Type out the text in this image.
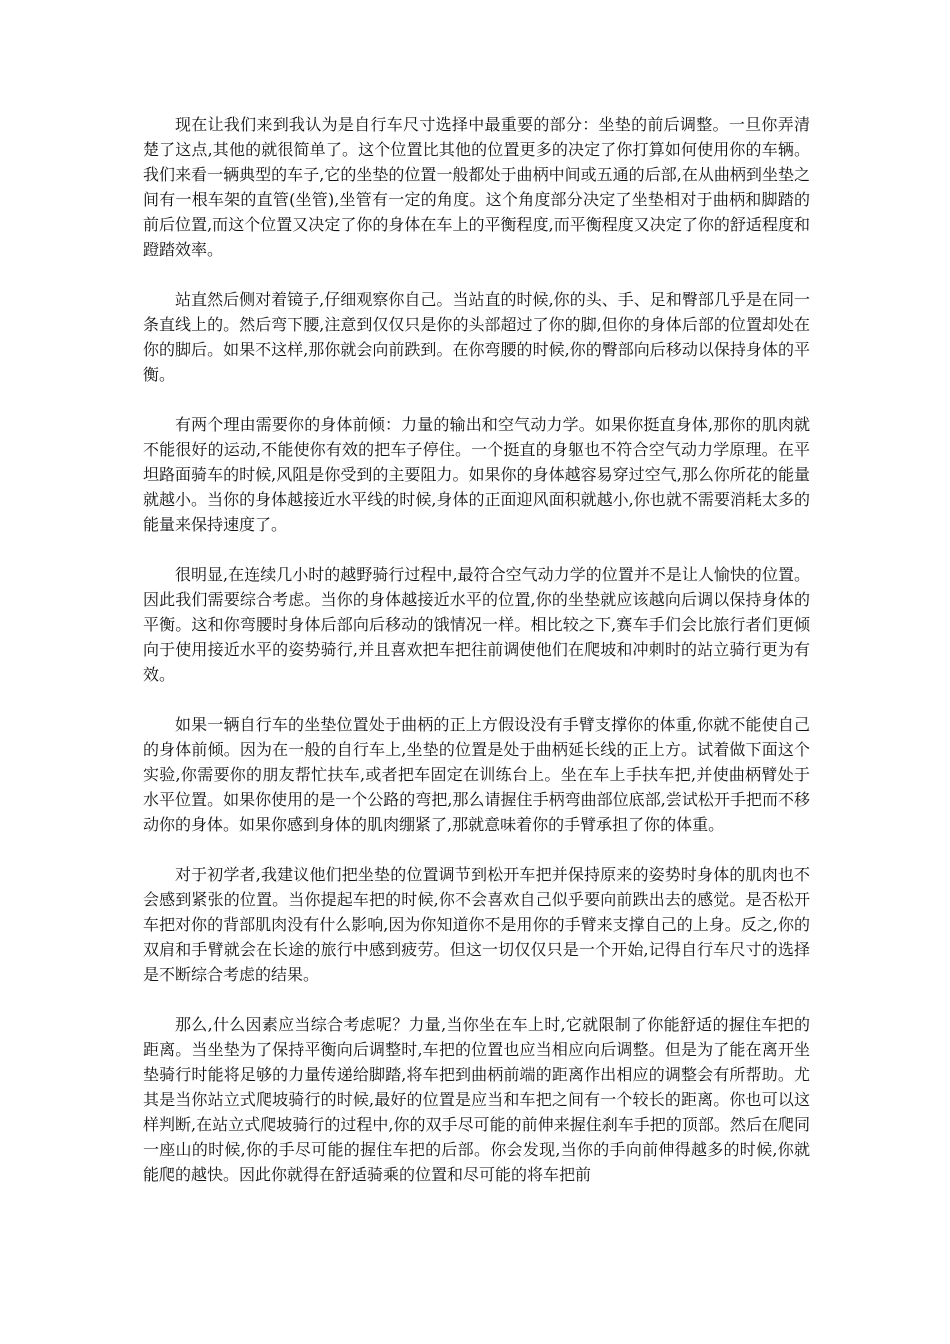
现在让我们来到我认为是自行车尺寸选择中最重要的部分：坐垫的前后调整。一旦你弄清楚了这点,其他的就很简单了。这个位置比其他的位置更多的决定了你打算如何使用你的车辆。我们来看一辆典型的车子,它的坐垫的位置一般都处于曲柄中间或五通的后部,在从曲柄到坐垫之间有一根车架的直管(坐管),坐管有一定的角度。这个角度部分决定了坐垫相对于曲柄和脚踏的前后位置,而这个位置又决定了你的身体在车上的平衡程度,而平衡程度又决定了你的舒适程度和蹬踏效率。

站直然后侧对着镜子,仔细观察你自己。当站直的时候,你的头、手、足和臀部几乎是在同一条直线上的。然后弯下腰,注意到仅仅只是你的头部超过了你的脚,但你的身体后部的位置却处在你的脚后。如果不这样,那你就会向前跌到。在你弯腰的时候,你的臀部向后移动以保持身体的平衡。

有两个理由需要你的身体前倾：力量的输出和空气动力学。如果你挺直身体,那你的肌肉就不能很好的运动,不能使你有效的把车子停住。一个挺直的身躯也不符合空气动力学原理。在平坦路面骑车的时候,风阻是你受到的主要阻力。如果你的身体越容易穿过空气,那么你所花的能量就越小。当你的身体越接近水平线的时候,身体的正面迎风面积就越小,你也就不需要消耗太多的能量来保持速度了。

很明显,在连续几小时的越野骑行过程中,最符合空气动力学的位置并不是让人愉快的位置。因此我们需要综合考虑。当你的身体越接近水平的位置,你的坐垫就应该越向后调以保持身体的平衡。这和你弯腰时身体后部向后移动的饿情况一样。相比较之下,赛车手们会比旅行者们更倾向于使用接近水平的姿势骑行,并且喜欢把车把往前调使他们在爬坡和冲刺时的站立骑行更为有效。

如果一辆自行车的坐垫位置处于曲柄的正上方假设没有手臂支撑你的体重,你就不能使自己的身体前倾。因为在一般的自行车上,坐垫的位置是处于曲柄延长线的正上方。试着做下面这个实验,你需要你的朋友帮忙扶车,或者把车固定在训练台上。坐在车上手扶车把,并使曲柄臂处于水平位置。如果你使用的是一个公路的弯把,那么请握住手柄弯曲部位底部,尝试松开手把而不移动你的身体。如果你感到身体的肌肉绷紧了,那就意味着你的手臂承担了你的体重。

对于初学者,我建议他们把坐垫的位置调节到松开车把并保持原来的姿势时身体的肌肉也不会感到紧张的位置。当你提起车把的时候,你不会喜欢自己似乎要向前跌出去的感觉。是否松开车把对你的背部肌肉没有什么影响,因为你知道你不是用你的手臂来支撑自己的上身。反之,你的双肩和手臂就会在长途的旅行中感到疲劳。但这一切仅仅只是一个开始,记得自行车尺寸的选择是不断综合考虑的结果。

那么,什么因素应当综合考虑呢？力量,当你坐在车上时,它就限制了你能舒适的握住车把的距离。当坐垫为了保持平衡向后调整时,车把的位置也应当相应向后调整。但是为了能在离开坐垫骑行时能将足够的力量传递给脚踏,将车把到曲柄前端的距离作出相应的调整会有所帮助。尤其是当你站立式爬坡骑行的时候,最好的位置是应当和车把之间有一个较长的距离。你也可以这样判断,在站立式爬坡骑行的过程中,你的双手尽可能的前伸来握住刹车手把的顶部。然后在爬同一座山的时候,你的手尽可能的握住车把的后部。你会发现,当你的手向前伸得越多的时候,你就能爬的越快。因此你就得在舒适骑乘的位置和尽可能的将车把前
